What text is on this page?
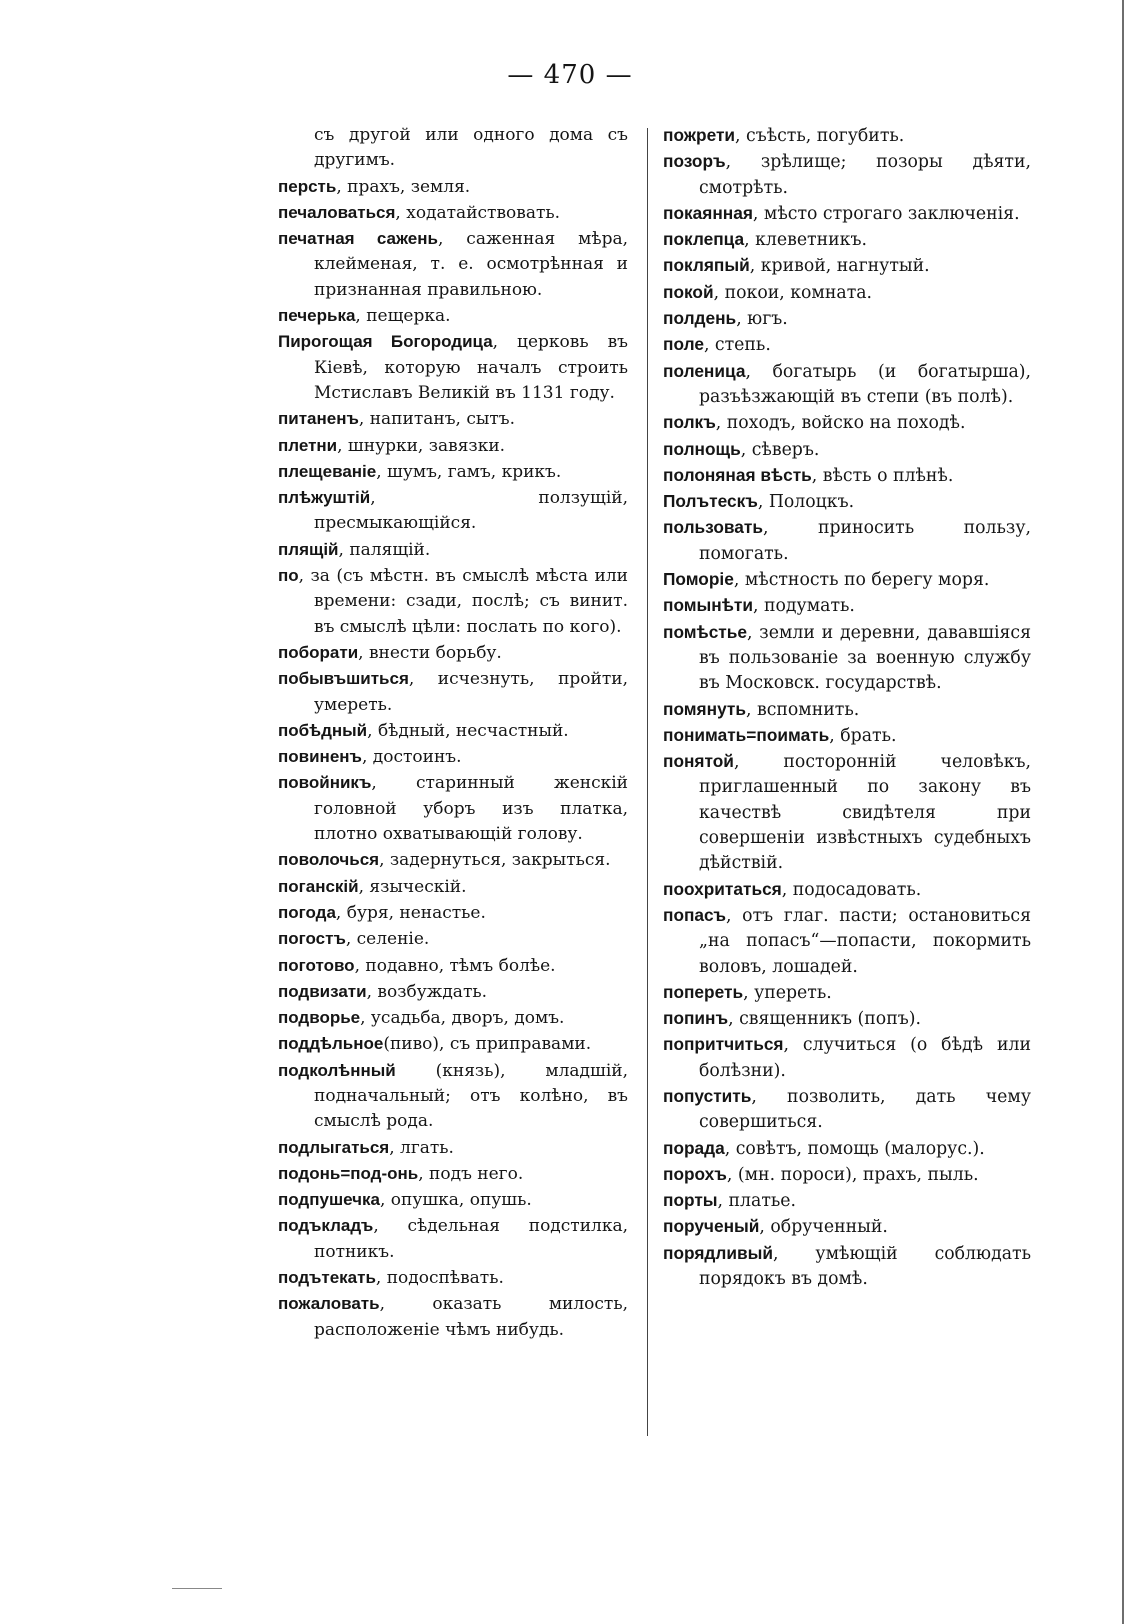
— 470 —
съ другой или одного дома съ другимъ.
персть, прахъ, земля.
печаловаться, ходатайствовать.
печатная сажень, саженная мѣра, клейменая, т. е. осмотрѣнная и признанная правильною.
печерька, пещерка.
Пирогощая Богородица, церковь въ Кіевѣ, которую началъ строить Мстиславъ Великій въ 1131 году.
питаненъ, напитанъ, сытъ.
плетни, шнурки, завязки.
плещеваніе, шумъ, гамъ, крикъ.
плѣжуштій, ползущій, пресмыкающійся.
плящій, палящій.
по, за (съ мѣстн. въ смыслѣ мѣста или времени: сзади, послѣ; съ винит. въ смыслѣ цѣли: послать по кого).
поборати, внести борьбу.
побывъшиться, исчезнуть, пройти, умереть.
побѣдный, бѣдный, несчастный.
повиненъ, достоинъ.
повойникъ, старинный женскій головной уборъ изъ платка, плотно охватывающій голову.
поволочься, задернуться, закрыться.
поганскій, языческій.
погода, буря, ненастье.
погостъ, селеніе.
поготово, подавно, тѣмъ болѣе.
подвизати, возбуждать.
подворье, усадьба, дворъ, домъ.
поддѣльное(пиво), съ приправами.
подколѣнный (князь), младшій, подначальный; отъ колѣно, въ смыслѣ рода.
подлыгаться, лгать.
подонь=под-онь, подъ него.
подпушечка, опушка, опушь.
подъкладъ, сѣдельная подстилка, потникъ.
подътекать, подоспѣвать.
пожаловать, оказать милость, расположеніе чѣмъ нибудь.
пожрети, съѣсть, погубить.
позоръ, зрѣлище; позоры дѣяти, смотрѣть.
покаянная, мѣсто строгаго заключенія.
поклепца, клеветникъ.
покляпый, кривой, нагнутый.
покой, покои, комната.
полдень, югъ.
поле, степь.
поленица, богатырь (и богатырша), разъѣзжающій въ степи (въ полѣ).
полкъ, походъ, войско на походѣ.
полнощь, сѣверъ.
полоняная вѣсть, вѣсть о плѣнѣ.
Полътескъ, Полоцкъ.
пользовать, приносить пользу, помогать.
Поморіе, мѣстность по берегу моря.
помынѣти, подумать.
помѣстье, земли и деревни, дававшіяся въ пользованіе за военную службу въ Московск. государствѣ.
помянуть, вспомнить.
понимать=поимать, брать.
понятой, посторонній человѣкъ, приглашенный по закону въ качествѣ свидѣтеля при совершеніи извѣстныхъ судебныхъ дѣйствій.
поохритаться, подосадовать.
попасъ, отъ глаг. пасти; остановиться „на попасъ“—попасти, покормить воловъ, лошадей.
попереть, упереть.
попинъ, священникъ (попъ).
попритчиться, случиться (о бѣдѣ или болѣзни).
попустить, позволить, дать чему совершиться.
порада, совѣтъ, помощь (малорус.).
порохъ, (мн. пороси), прахъ, пыль.
порты, платье.
порученый, обрученный.
порядливый, умѣющій соблюдать порядокъ въ домѣ.
